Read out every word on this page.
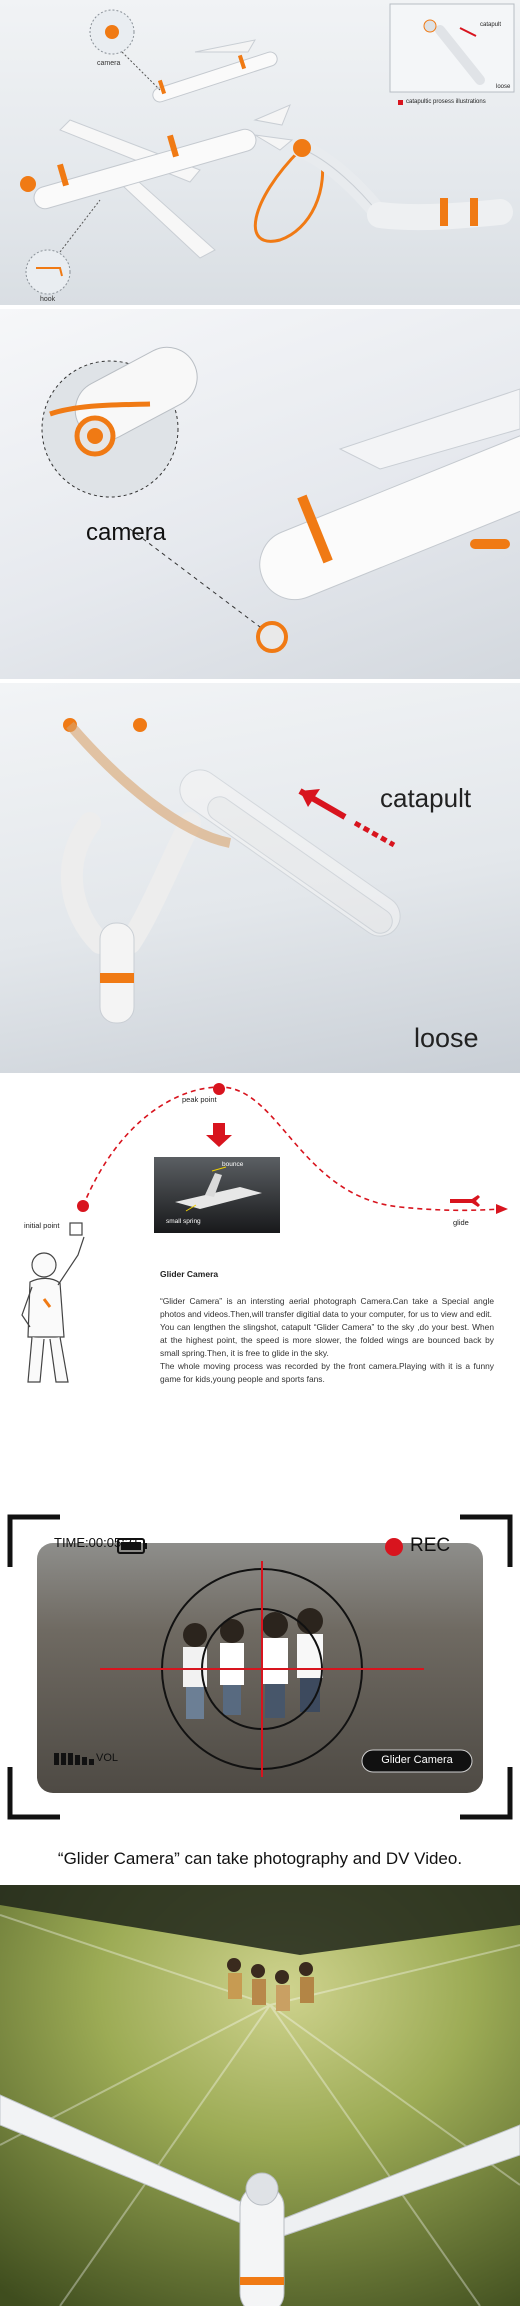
camera
hook
catapult
loose
catapultic prosess illustrations
camera
catapult
loose
peak point
bounce
small spring
initial point	glide
Glider Camera
“Glider Camera” is an intersting aerial photograph Camera.Can take a Special angle photos and videos.Then,will transfer digitial data to your computer, for us to view and edit.
You can lengthen the slingshot, catapult “Glider Camera” to the sky ,do your best. When at the highest point, the speed is more slower, the folded wings are bounced back by small spring.Then, it is free to glide in the sky.
The whole moving process was recorded by the front camera.Playing with it is a funny game for kids,young people and sports fans.
TIME:00:05:21	REC
VOL	Glider Camera
“Glider Camera” can take photography and DV Video.
